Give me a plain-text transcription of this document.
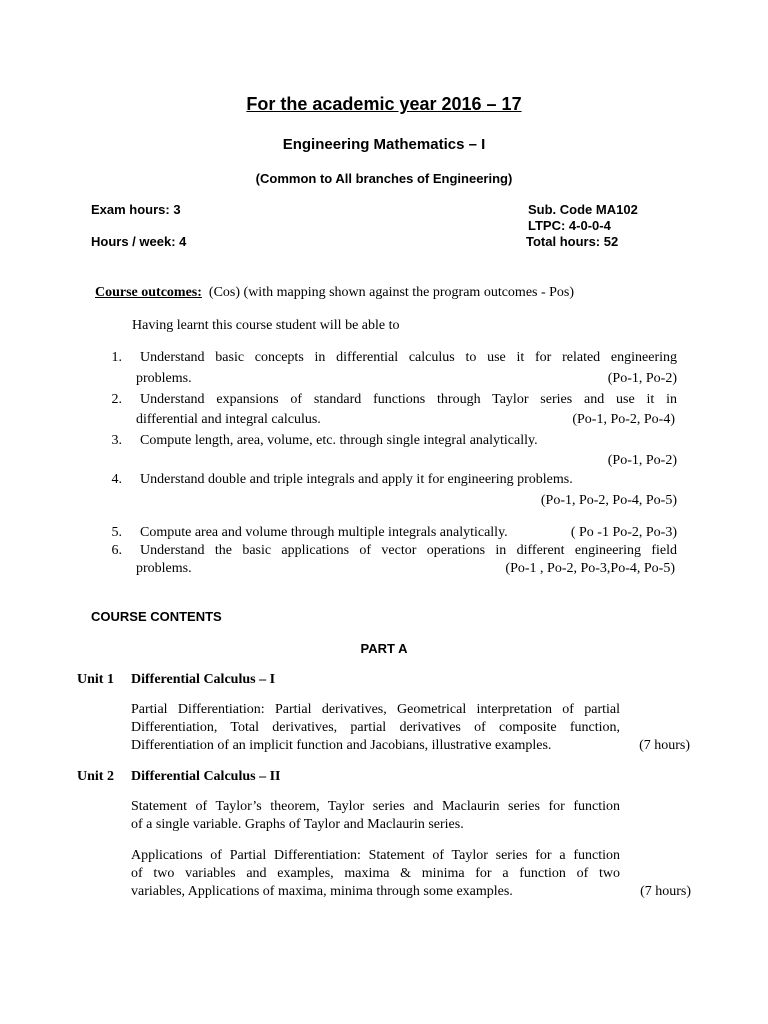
For the academic year 2016 – 17
Engineering Mathematics – I
(Common to All branches of Engineering)
Exam hours: 3
Hours / week: 4
Sub. Code MA102
LTPC: 4-0-0-4
Total hours: 52
Course outcomes: (Cos) (with mapping shown against the program outcomes - Pos)
Having learnt this course student will be able to
1. Understand basic concepts in differential calculus to use it for related engineering
problems.	(Po-1, Po-2)
2. Understand expansions of standard functions through Taylor series and use it in
differential and integral calculus.	(Po-1, Po-2, Po-4)
3. Compute length, area, volume, etc. through single integral analytically.
(Po-1, Po-2)
4. Understand double and triple integrals and apply it for engineering problems.
(Po-1, Po-2, Po-4, Po-5)
5. Compute area and volume through multiple integrals analytically.	( Po -1 Po-2, Po-3)
6. Understand the basic applications of vector operations in different engineering field
problems.	(Po-1 , Po-2, Po-3,Po-4, Po-5)
COURSE CONTENTS
PART A
Unit 1 Differential Calculus – I
Partial Differentiation: Partial derivatives, Geometrical interpretation of partial
Differentiation, Total derivatives, partial derivatives of composite function,
Differentiation of an implicit function and Jacobians, illustrative examples.	(7 hours)
Unit 2 Differential Calculus – II
Statement of Taylor’s theorem, Taylor series and Maclaurin series for function
of a single variable. Graphs of Taylor and Maclaurin series.
Applications of Partial Differentiation: Statement of Taylor series for a function
of two variables and examples, maxima & minima for a function of two
variables, Applications of maxima, minima through some examples.	(7 hours)
